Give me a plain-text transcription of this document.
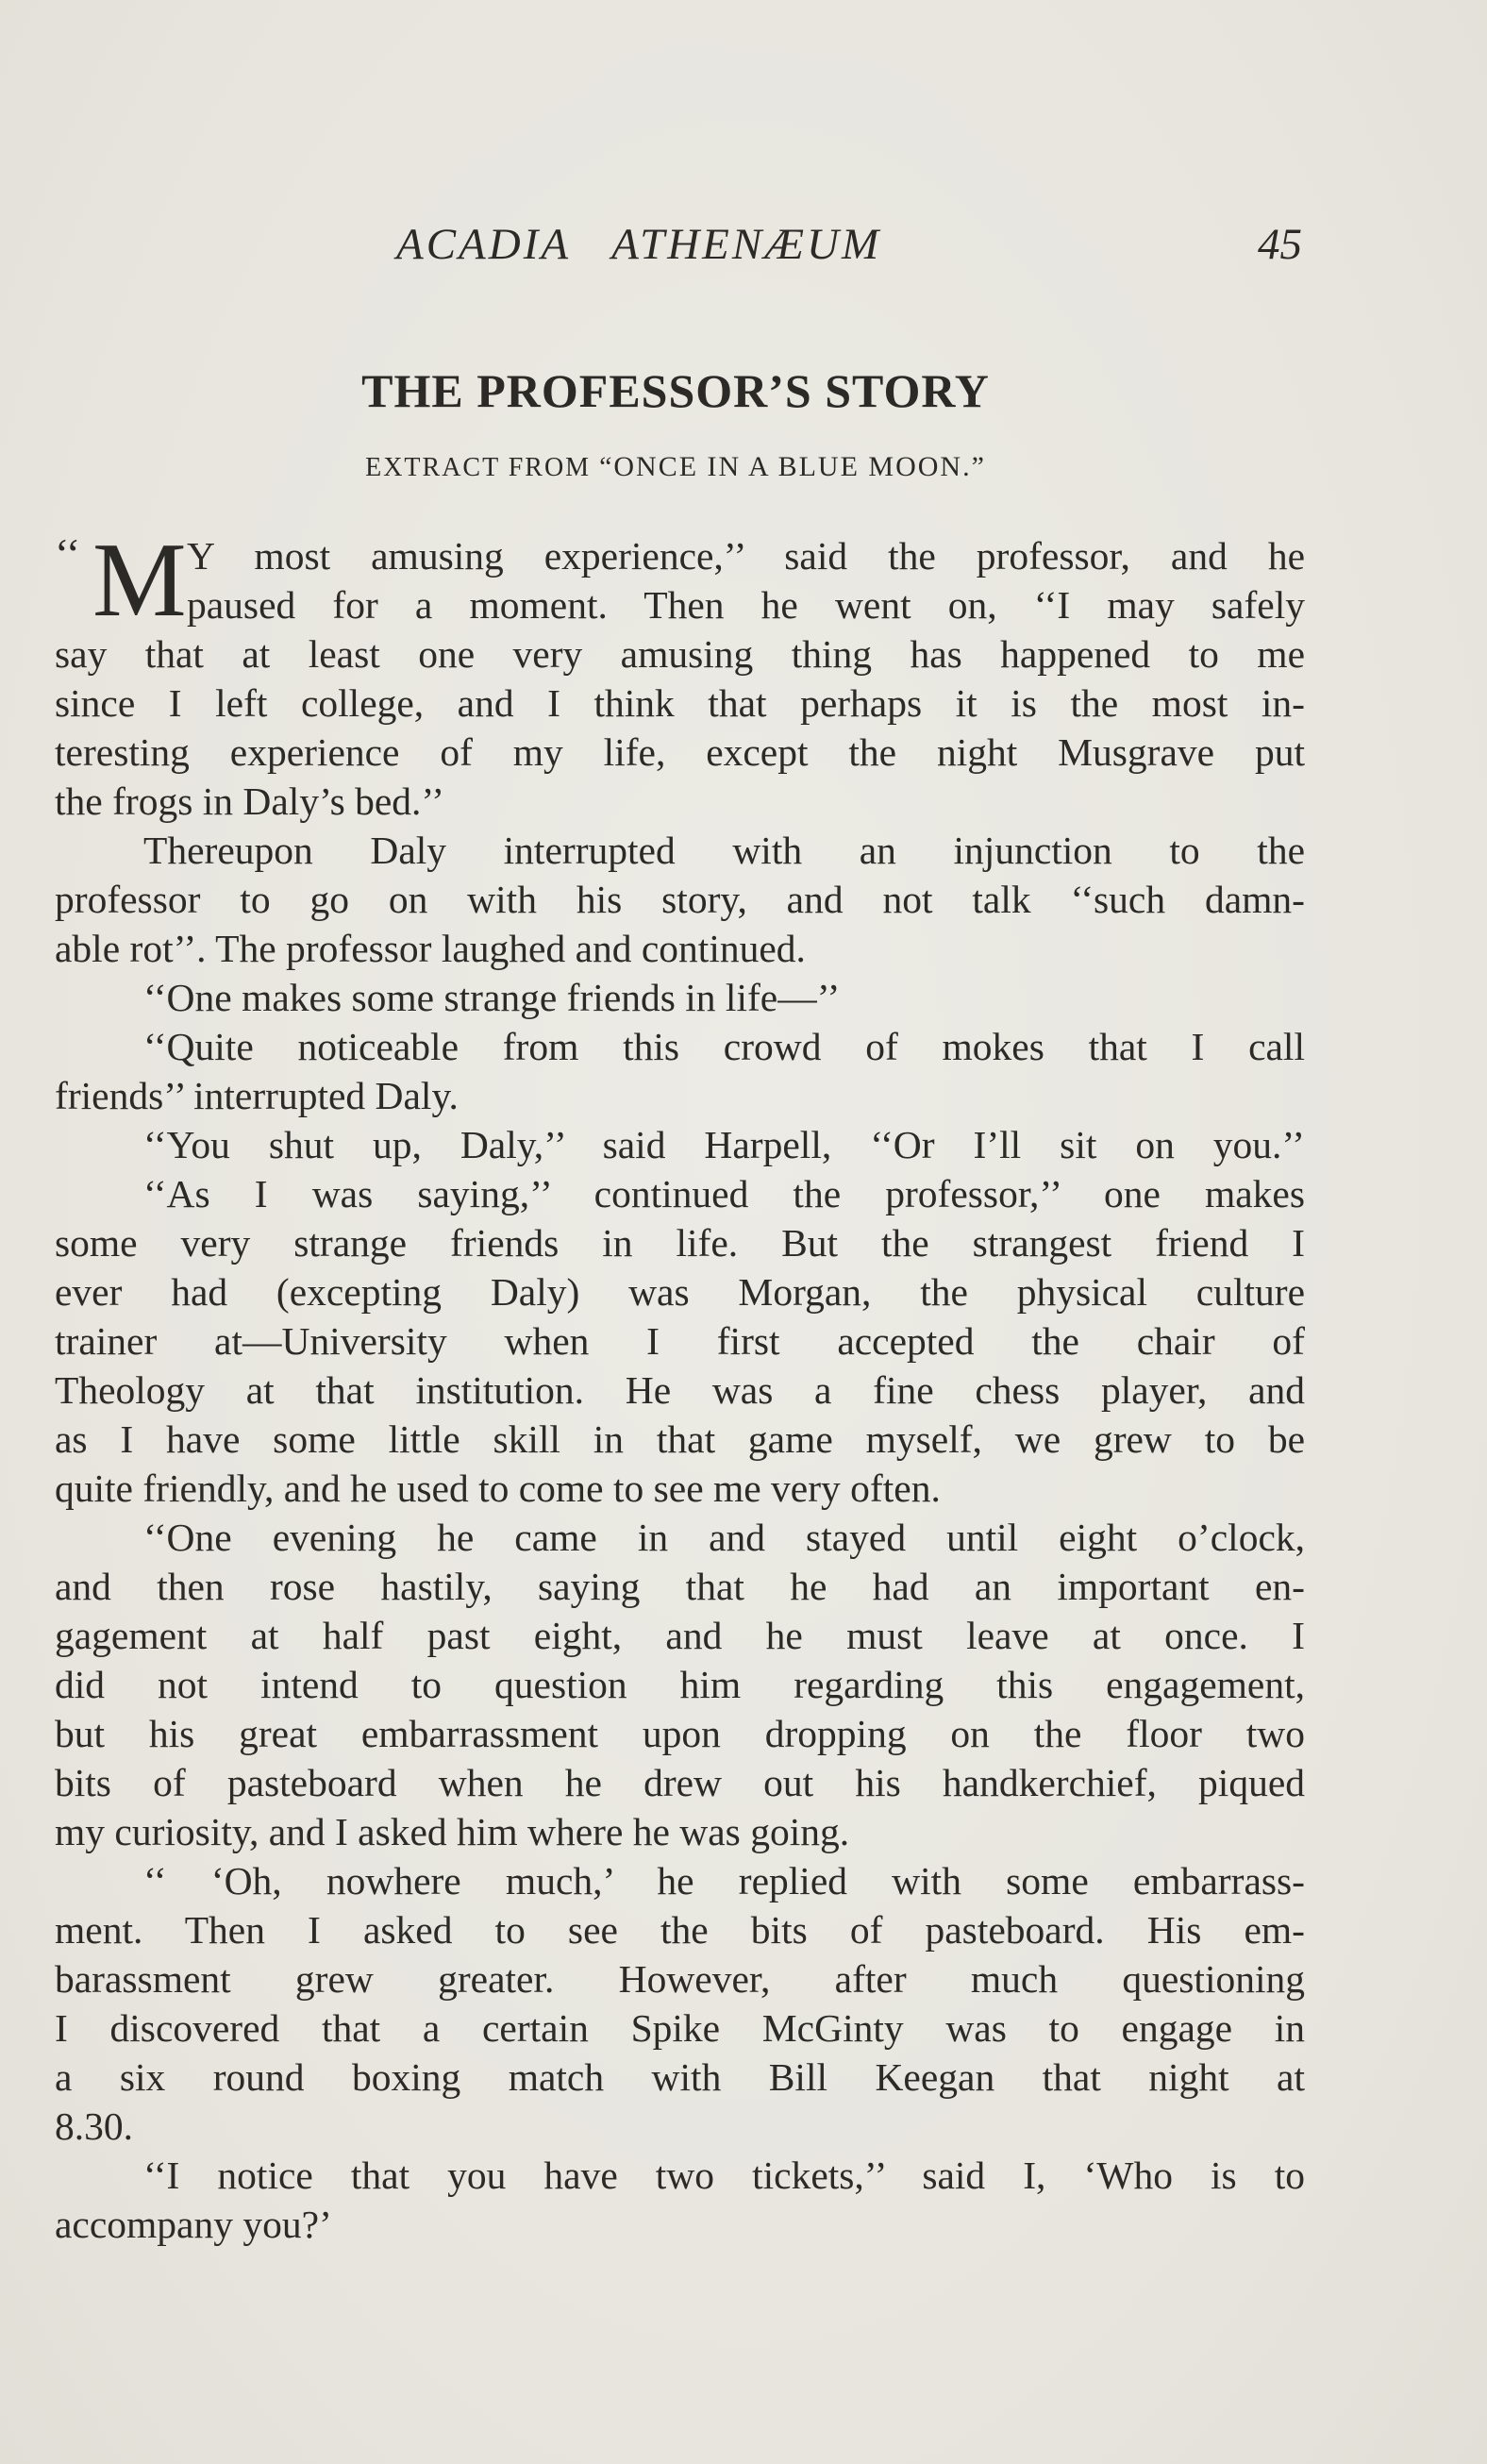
ACADIA ATHENÆUM	45
THE PROFESSOR’S STORY
EXTRACT FROM “ONCE IN A BLUE MOON.”
‘‘ M Y most amusing experience,’’ said the professor, and he
paused for a moment. Then he went on, ‘‘I may safely
say that at least one very amusing thing has happened to me
since I left college, and I think that perhaps it is the most in-
teresting experience of my life, except the night Musgrave put
the frogs in Daly’s bed.’’
Thereupon Daly interrupted with an injunction to the
professor to go on with his story, and not talk ‘‘such damn-
able rot’’. The professor laughed and continued.
‘‘One makes some strange friends in life—’’
‘‘Quite noticeable from this crowd of mokes that I call
friends’’ interrupted Daly.
‘‘You shut up, Daly,’’ said Harpell, ‘‘Or I’ll sit on you.’’
‘‘As I was saying,’’ continued the professor,’’ one makes
some very strange friends in life. But the strangest friend I
ever had (excepting Daly) was Morgan, the physical culture
trainer at—University when I first accepted the chair of
Theology at that institution. He was a fine chess player, and
as I have some little skill in that game myself, we grew to be
quite friendly, and he used to come to see me very often.
‘‘One evening he came in and stayed until eight o’clock,
and then rose hastily, saying that he had an important en-
gagement at half past eight, and he must leave at once. I
did not intend to question him regarding this engagement,
but his great embarrassment upon dropping on the floor two
bits of pasteboard when he drew out his handkerchief, piqued
my curiosity, and I asked him where he was going.
‘‘ ‘Oh, nowhere much,’ he replied with some embarrass-
ment. Then I asked to see the bits of pasteboard. His em-
barassment grew greater. However, after much questioning
I discovered that a certain Spike McGinty was to engage in
a six round boxing match with Bill Keegan that night at
8.30.
‘‘I notice that you have two tickets,’’ said I, ‘Who is to
accompany you?’
